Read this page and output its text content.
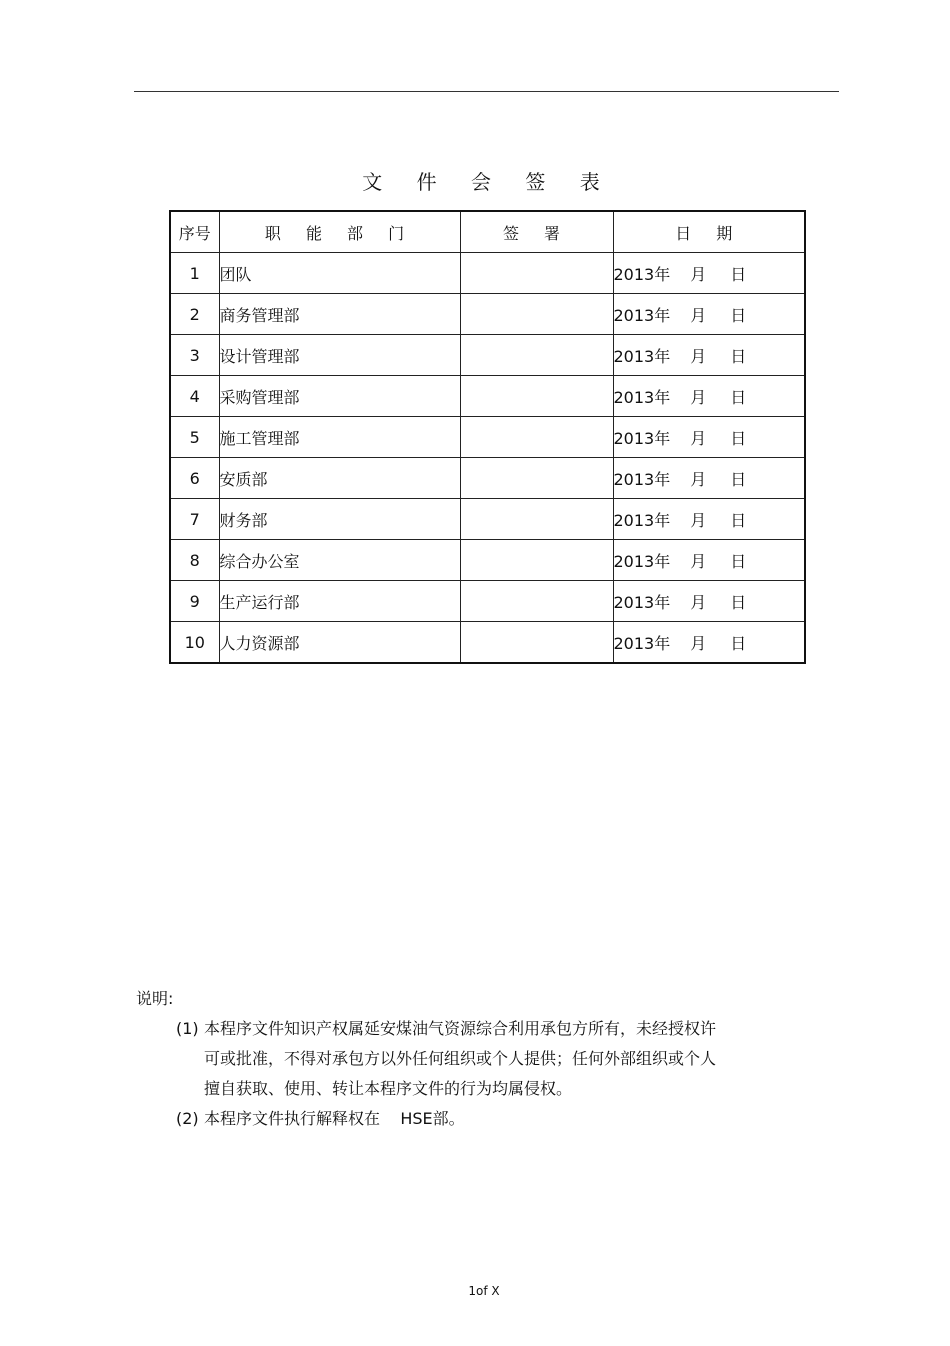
文 件 会 签 表
序号	职 能 部 门	签 署	日 期
1	团队		2013年 月 日
2	商务管理部		2013年 月 日
3	设计管理部		2013年 月 日
4	采购管理部		2013年 月 日
5	施工管理部		2013年 月 日
6	安质部		2013年 月 日
7	财务部		2013年 月 日
8	综合办公室		2013年 月 日
9	生产运行部		2013年 月 日
10	人力资源部		2013年 月 日

说明:

(1) 本程序文件知识产权属延安煤油气资源综合利用承包方所有，未经授权许
可或批准，不得对承包方以外任何组织或个人提供；任何外部组织或个人
擅自获取、使用、转让本程序文件的行为均属侵权。
(2) 本程序文件执行解释权在    HSE部。
1of X
